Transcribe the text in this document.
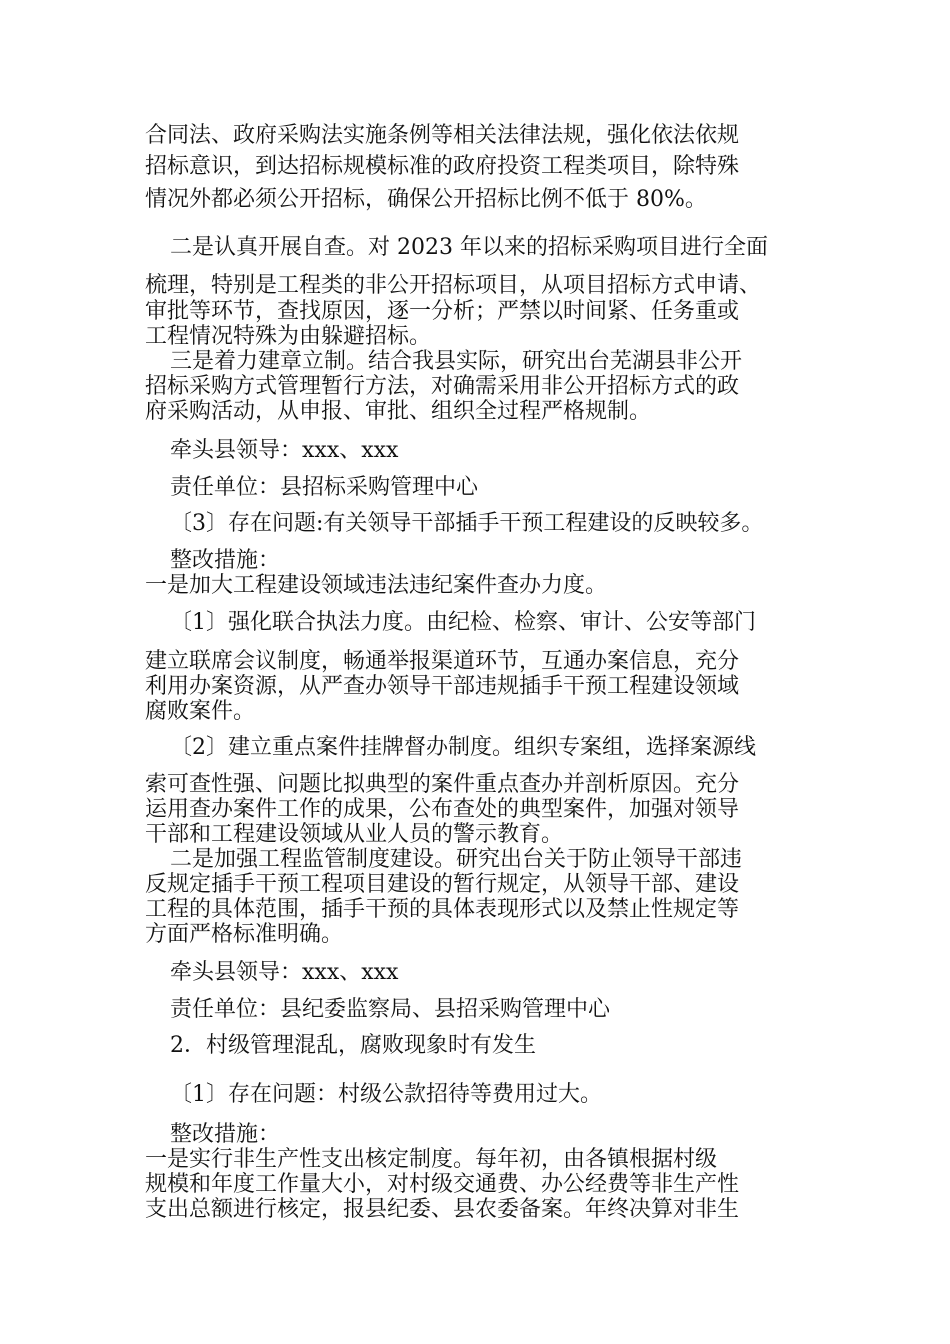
合同法、政府采购法实施条例等相关法律法规，强化依法依规
招标意识，到达招标规模标准的政府投资工程类项目，除特殊
情况外都必须公开招标，确保公开招标比例不低于 80%。
二是认真开展自查。对 2023 年以来的招标采购项目进行全面
梳理，特别是工程类的非公开招标项目，从项目招标方式申请、
审批等环节，查找原因，逐一分析；严禁以时间紧、任务重或
工程情况特殊为由躲避招标。
三是着力建章立制。结合我县实际，研究出台芜湖县非公开
招标采购方式管理暂行方法，对确需采用非公开招标方式的政
府采购活动，从申报、审批、组织全过程严格规制。
牵头县领导：xxx、xxx
责任单位：县招标采购管理中心
〔3〕存在问题:有关领导干部插手干预工程建设的反映较多。
整改措施：
一是加大工程建设领域违法违纪案件查办力度。
〔1〕强化联合执法力度。由纪检、检察、审计、公安等部门
建立联席会议制度，畅通举报渠道环节，互通办案信息，充分
利用办案资源，从严查办领导干部违规插手干预工程建设领域
腐败案件。
〔2〕建立重点案件挂牌督办制度。组织专案组，选择案源线
索可查性强、问题比拟典型的案件重点查办并剖析原因。充分
运用查办案件工作的成果，公布查处的典型案件，加强对领导
干部和工程建设领域从业人员的警示教育。
二是加强工程监管制度建设。研究出台关于防止领导干部违
反规定插手干预工程项目建设的暂行规定，从领导干部、建设
工程的具体范围，插手干预的具体表现形式以及禁止性规定等
方面严格标准明确。
牵头县领导：xxx、xxx
责任单位：县纪委监察局、县招采购管理中心
2．村级管理混乱，腐败现象时有发生
〔1〕存在问题：村级公款招待等费用过大。
整改措施：
一是实行非生产性支出核定制度。每年初，由各镇根据村级
规模和年度工作量大小，对村级交通费、办公经费等非生产性
支出总额进行核定，报县纪委、县农委备案。年终决算对非生
